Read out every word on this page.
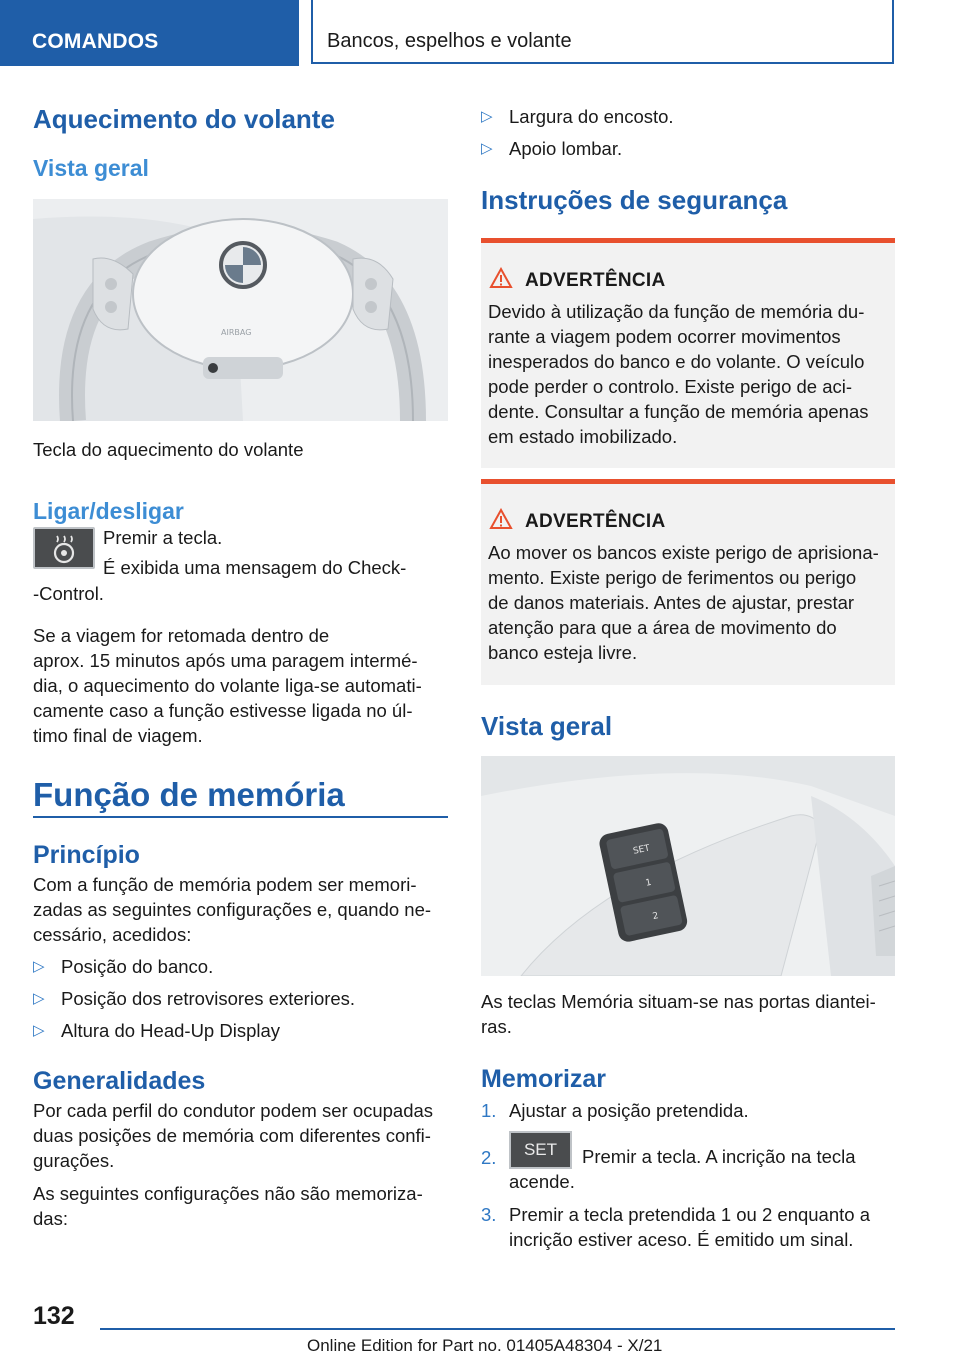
COMANDOS	Bancos, espelhos e volante
Aquecimento do volante
Vista geral
AIRBAG
Tecla do aquecimento do volante
Ligar/desligar
Premir a tecla.
É exibida uma mensagem do Check-
-Control.
Se a viagem for retomada dentro de
aprox. 15 minutos após uma paragem intermé-
dia, o aquecimento do volante liga-se automati-
camente caso a função estivesse ligada no úl-
timo final de viagem.
Função de memória
Princípio
Com a função de memória podem ser memori-
zadas as seguintes configurações e, quando ne-
cessário, acedidos:
▷ Posição do banco.
▷ Posição dos retrovisores exteriores.
▷ Altura do Head-Up Display
Generalidades
Por cada perfil do condutor podem ser ocupadas
duas posições de memória com diferentes confi-
gurações.
As seguintes configurações não são memoriza-
das:
▷ Largura do encosto.
▷ Apoio lombar.
Instruções de segurança
ADVERTÊNCIA
Devido à utilização da função de memória du-
rante a viagem podem ocorrer movimentos
inesperados do banco e do volante. O veículo
pode perder o controlo. Existe perigo de aci-
dente. Consultar a função de memória apenas
em estado imobilizado.
ADVERTÊNCIA
Ao mover os bancos existe perigo de aprisiona-
mento. Existe perigo de ferimentos ou perigo
de danos materiais. Antes de ajustar, prestar
atenção para que a área de movimento do
banco esteja livre.
Vista geral
SET
1
2
As teclas Memória situam-se nas portas diantei-
ras.
Memorizar
1. Ajustar a posição pretendida.
2.	SET	Premir a tecla. A incrição na tecla
acende.
3. Premir a tecla pretendida 1 ou 2 enquanto a
incrição estiver aceso. É emitido um sinal.
132
Online Edition for Part no. 01405A48304 - X/21
